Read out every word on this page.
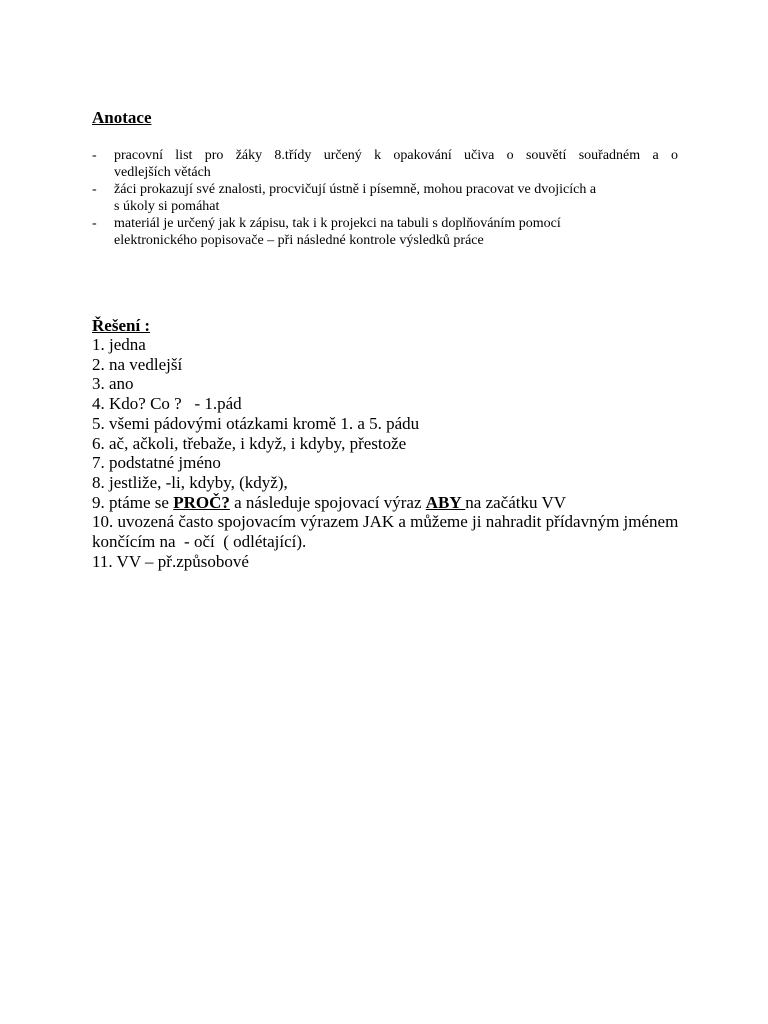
Anotace
-	pracovní list pro žáky 8.třídy určený k opakování učiva o souvětí souřadném a o
vedlejších větách
-	žáci prokazují své znalosti, procvičují ústně i písemně, mohou pracovat ve dvojicích a
s úkoly si pomáhat
-	materiál je určený jak k zápisu, tak i k projekci na tabuli s doplňováním pomocí
elektronického popisovače – při následné kontrole výsledků práce
Řešení :
1. jedna
2. na vedlejší
3. ano
4. Kdo? Co ?   - 1.pád
5. všemi pádovými otázkami kromě 1. a 5. pádu
6. ač, ačkoli, třebaže, i když, i kdyby, přestože
7. podstatné jméno
8. jestliže, -li, kdyby, (když),
9. ptáme se PROČ? a následuje spojovací výraz ABY na začátku VV
10. uvozená často spojovacím výrazem JAK a můžeme ji nahradit přídavným jménem končícím na  - očí  ( odlétající).
11. VV – př.způsobové
